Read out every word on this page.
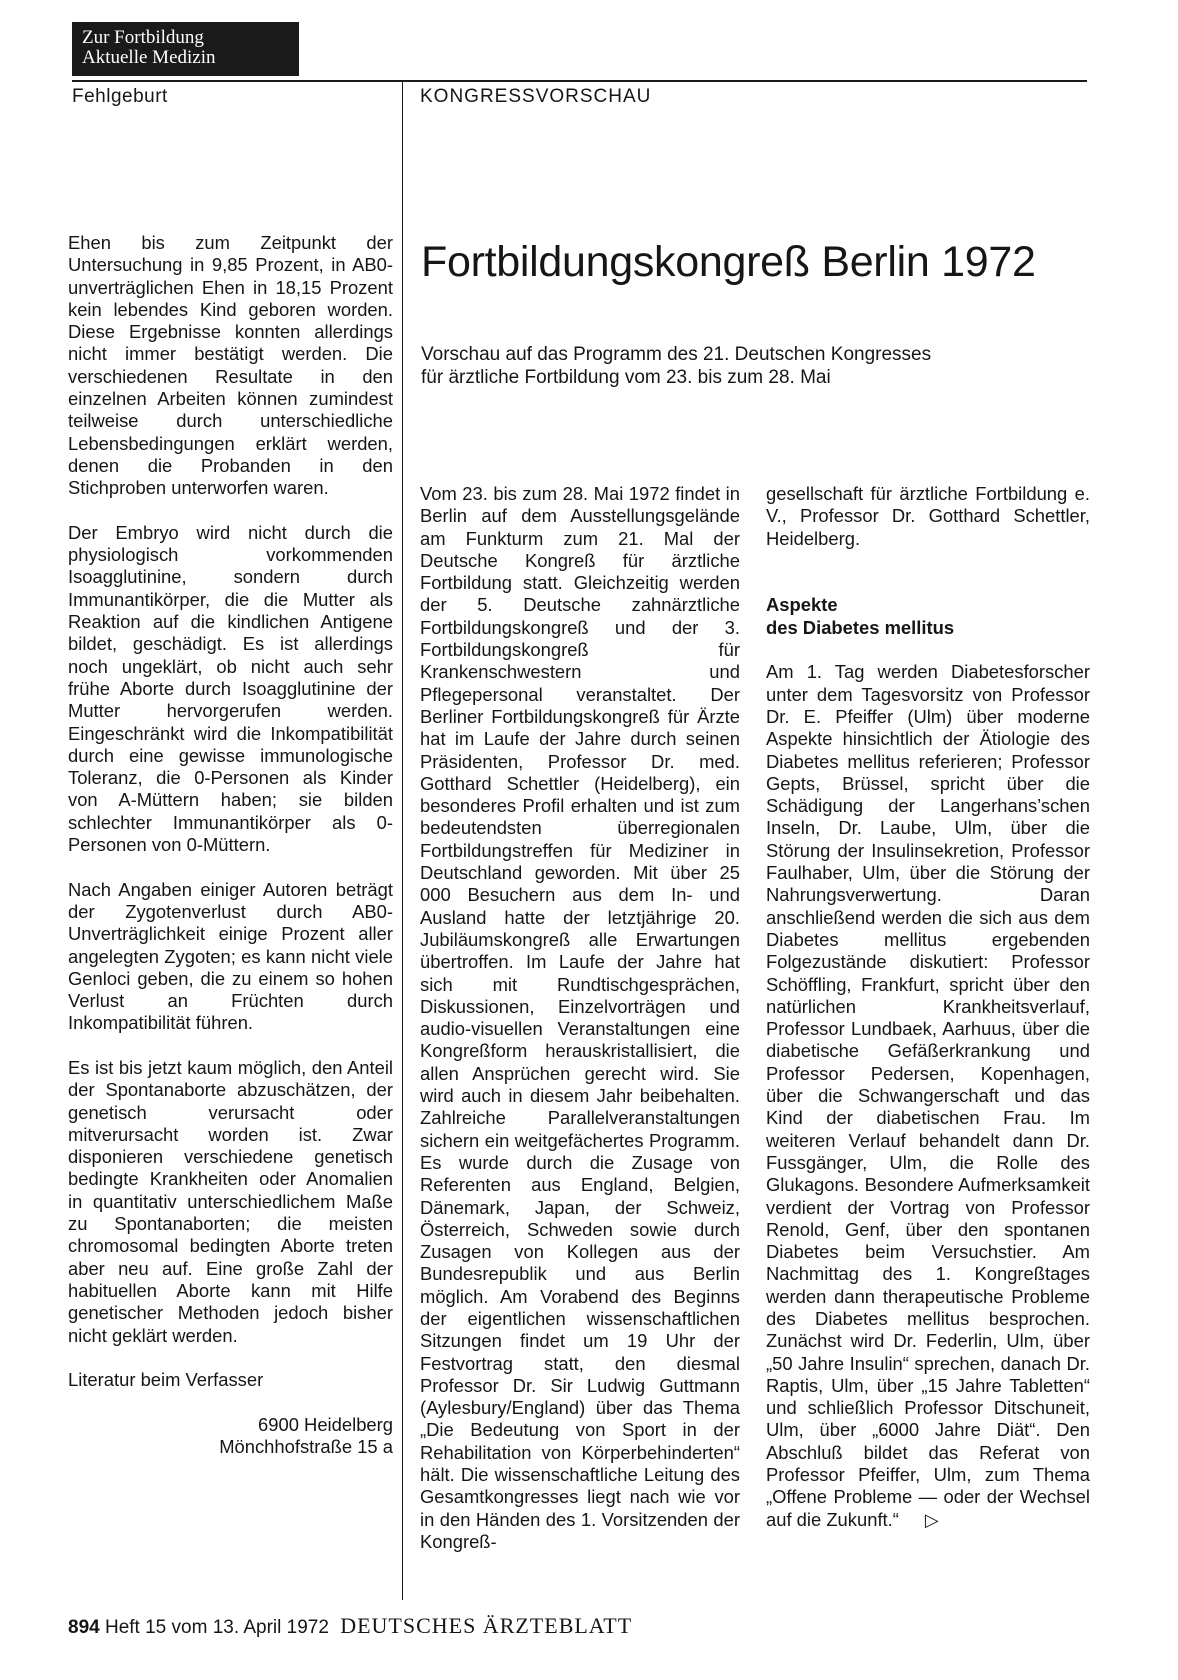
Zur Fortbildung
Aktuelle Medizin
Fehlgeburt	KONGRESSVORSCHAU
Fortbildungskongreß Berlin 1972
Vorschau auf das Programm des 21. Deutschen Kongresses
für ärztliche Fortbildung vom 23. bis zum 28. Mai

Ehen bis zum Zeitpunkt der Untersuchung in 9,85 Prozent, in AB0-unverträglichen Ehen in 18,15 Prozent kein lebendes Kind geboren worden. Diese Ergebnisse konnten allerdings nicht immer bestätigt werden. Die verschiedenen Resultate in den einzelnen Arbeiten können zumindest teilweise durch unterschiedliche Lebensbedingungen erklärt werden, denen die Probanden in den Stichproben unterworfen waren.

Der Embryo wird nicht durch die physiologisch vorkommenden Isoagglutinine, sondern durch Immunantikörper, die die Mutter als Reaktion auf die kindlichen Antigene bildet, geschädigt. Es ist allerdings noch ungeklärt, ob nicht auch sehr frühe Aborte durch Isoagglutinine der Mutter hervorgerufen werden. Eingeschränkt wird die Inkompatibilität durch eine gewisse immunologische Toleranz, die 0-Personen als Kinder von A-Müttern haben; sie bilden schlechter Immunantikörper als 0-Personen von 0-Müttern.

Nach Angaben einiger Autoren beträgt der Zygotenverlust durch AB0-Unverträglichkeit einige Prozent aller angelegten Zygoten; es kann nicht viele Genloci geben, die zu einem so hohen Verlust an Früchten durch Inkompatibilität führen.

Es ist bis jetzt kaum möglich, den Anteil der Spontanaborte abzuschätzen, der genetisch verursacht oder mitverursacht worden ist. Zwar disponieren verschiedene genetisch bedingte Krankheiten oder Anomalien in quantitativ unterschiedlichem Maße zu Spontanaborten; die meisten chromosomal bedingten Aborte treten aber neu auf. Eine große Zahl der habituellen Aborte kann mit Hilfe genetischer Methoden jedoch bisher nicht geklärt werden.

Literatur beim Verfasser

6900 Heidelberg
Mönchhofstraße 15 a

Vom 23. bis zum 28. Mai 1972 findet in Berlin auf dem Ausstellungsgelände am Funkturm zum 21. Mal der Deutsche Kongreß für ärztliche Fortbildung statt. Gleichzeitig werden der 5. Deutsche zahnärztliche Fortbildungskongreß und der 3. Fortbildungskongreß für Krankenschwestern und Pflegepersonal veranstaltet. Der Berliner Fortbildungskongreß für Ärzte hat im Laufe der Jahre durch seinen Präsidenten, Professor Dr. med. Gotthard Schettler (Heidelberg), ein besonderes Profil erhalten und ist zum bedeutendsten überregionalen Fortbildungstreffen für Mediziner in Deutschland geworden. Mit über 25 000 Besuchern aus dem In- und Ausland hatte der letztjährige 20. Jubiläumskongreß alle Erwartungen übertroffen. Im Laufe der Jahre hat sich mit Rundtischgesprächen, Diskussionen, Einzelvorträgen und audio-visuellen Veranstaltungen eine Kongreßform herauskristallisiert, die allen Ansprüchen gerecht wird. Sie wird auch in diesem Jahr beibehalten. Zahlreiche Parallelveranstaltungen sichern ein weitgefächertes Programm. Es wurde durch die Zusage von Referenten aus England, Belgien, Dänemark, Japan, der Schweiz, Österreich, Schweden sowie durch Zusagen von Kollegen aus der Bundesrepublik und aus Berlin möglich. Am Vorabend des Beginns der eigentlichen wissenschaftlichen Sitzungen findet um 19 Uhr der Festvortrag statt, den diesmal Professor Dr. Sir Ludwig Guttmann (Aylesbury/England) über das Thema „Die Bedeutung von Sport in der Rehabilitation von Körperbehinderten“ hält. Die wissenschaftliche Leitung des Gesamtkongresses liegt nach wie vor in den Händen des 1. Vorsitzenden der Kongreß-

gesellschaft für ärztliche Fortbildung e. V., Professor Dr. Gotthard Schettler, Heidelberg.

Aspekte
des Diabetes mellitus

Am 1. Tag werden Diabetesforscher unter dem Tagesvorsitz von Professor Dr. E. Pfeiffer (Ulm) über moderne Aspekte hinsichtlich der Ätiologie des Diabetes mellitus referieren; Professor Gepts, Brüssel, spricht über die Schädigung der Langerhans’schen Inseln, Dr. Laube, Ulm, über die Störung der Insulinsekretion, Professor Faulhaber, Ulm, über die Störung der Nahrungsverwertung. Daran anschließend werden die sich aus dem Diabetes mellitus ergebenden Folgezustände diskutiert: Professor Schöffling, Frankfurt, spricht über den natürlichen Krankheitsverlauf, Professor Lundbaek, Aarhuus, über die diabetische Gefäßerkrankung und Professor Pedersen, Kopenhagen, über die Schwangerschaft und das Kind der diabetischen Frau. Im weiteren Verlauf behandelt dann Dr. Fussgänger, Ulm, die Rolle des Glukagons. Besondere Aufmerksamkeit verdient der Vortrag von Professor Renold, Genf, über den spontanen Diabetes beim Versuchstier. Am Nachmittag des 1. Kongreßtages werden dann therapeutische Probleme des Diabetes mellitus besprochen. Zunächst wird Dr. Federlin, Ulm, über „50 Jahre Insulin“ sprechen, danach Dr. Raptis, Ulm, über „15 Jahre Tabletten“ und schließlich Professor Ditschuneit, Ulm, über „6000 Jahre Diät“. Den Abschluß bildet das Referat von Professor Pfeiffer, Ulm, zum Thema „Offene Probleme — oder der Wechsel auf die Zukunft.“ ▷

894 Heft 15 vom 13. April 1972 DEUTSCHES ÄRZTEBLATT
